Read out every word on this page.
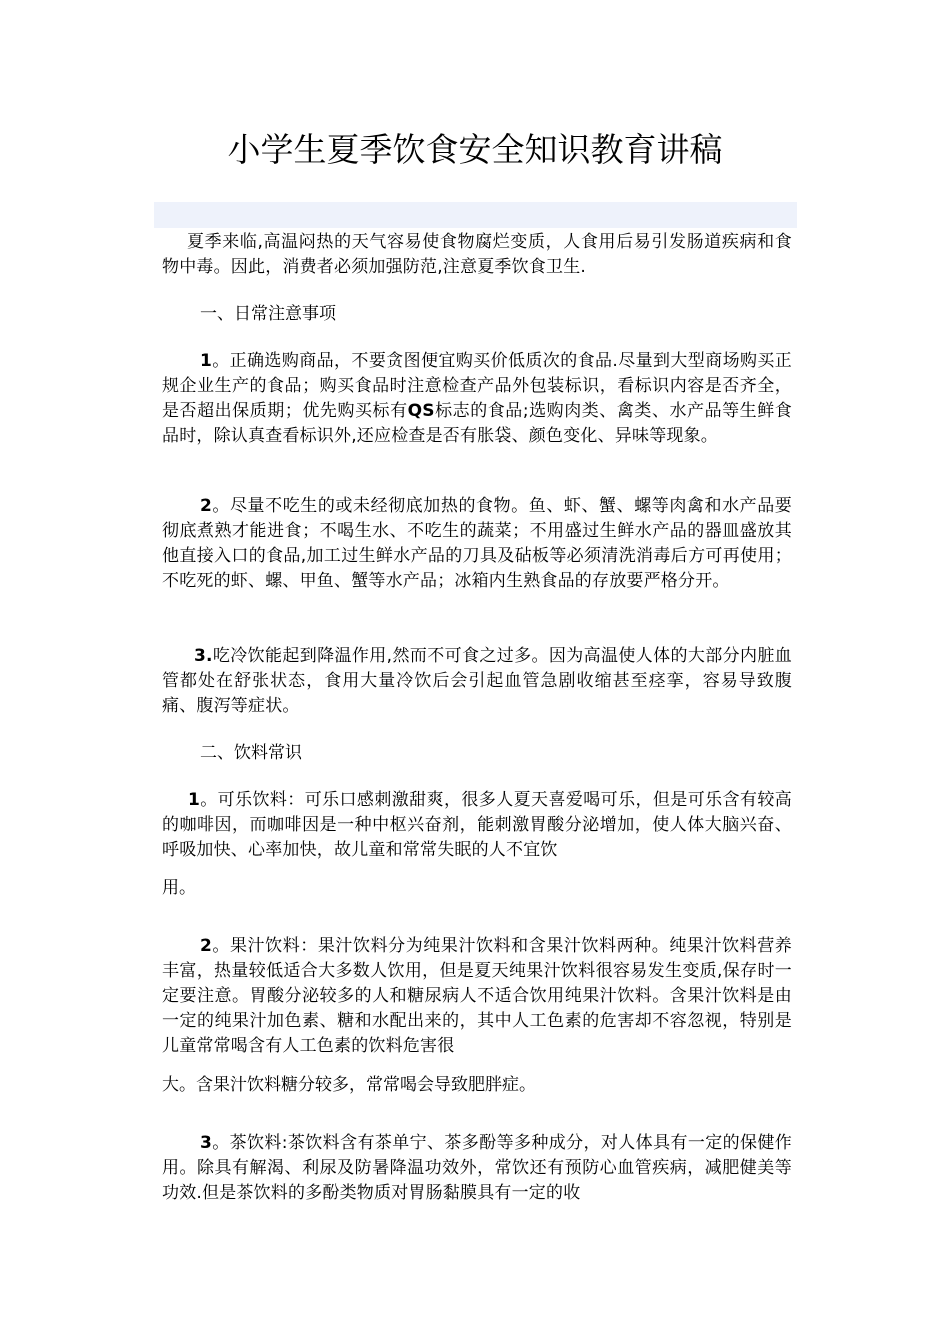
小学生夏季饮食安全知识教育讲稿

夏季来临,高温闷热的天气容易使食物腐烂变质，人食用后易引发肠道疾病和食物中毒。因此，消费者必须加强防范,注意夏季饮食卫生.

一、日常注意事项

1。正确选购商品，不要贪图便宜购买价低质次的食品.尽量到大型商场购买正规企业生产的食品；购买食品时注意检查产品外包装标识，看标识内容是否齐全，是否超出保质期；优先购买标有QS标志的食品;选购肉类、禽类、水产品等生鲜食品时，除认真查看标识外,还应检查是否有胀袋、颜色变化、异味等现象。

2。尽量不吃生的或未经彻底加热的食物。鱼、虾、蟹、螺等肉禽和水产品要彻底煮熟才能进食；不喝生水、不吃生的蔬菜；不用盛过生鲜水产品的器皿盛放其他直接入口的食品,加工过生鲜水产品的刀具及砧板等必须清洗消毒后方可再使用；不吃死的虾、螺、甲鱼、蟹等水产品；冰箱内生熟食品的存放要严格分开。

3.吃冷饮能起到降温作用,然而不可食之过多。因为高温使人体的大部分内脏血管都处在舒张状态，食用大量冷饮后会引起血管急剧收缩甚至痉挛，容易导致腹痛、腹泻等症状。

二、饮料常识

1。可乐饮料：可乐口感刺激甜爽，很多人夏天喜爱喝可乐，但是可乐含有较高的咖啡因，而咖啡因是一种中枢兴奋剂，能刺激胃酸分泌增加，使人体大脑兴奋、呼吸加快、心率加快，故儿童和常常失眠的人不宜饮

用。

2。果汁饮料：果汁饮料分为纯果汁饮料和含果汁饮料两种。纯果汁饮料营养丰富，热量较低适合大多数人饮用，但是夏天纯果汁饮料很容易发生变质,保存时一定要注意。胃酸分泌较多的人和糖尿病人不适合饮用纯果汁饮料。含果汁饮料是由一定的纯果汁加色素、糖和水配出来的，其中人工色素的危害却不容忽视，特别是儿童常常喝含有人工色素的饮料危害很

大。含果汁饮料糖分较多，常常喝会导致肥胖症。

3。茶饮料:茶饮料含有茶单宁、茶多酚等多种成分，对人体具有一定的保健作用。除具有解渴、利尿及防暑降温功效外，常饮还有预防心血管疾病，减肥健美等功效.但是茶饮料的多酚类物质对胃肠黏膜具有一定的收
